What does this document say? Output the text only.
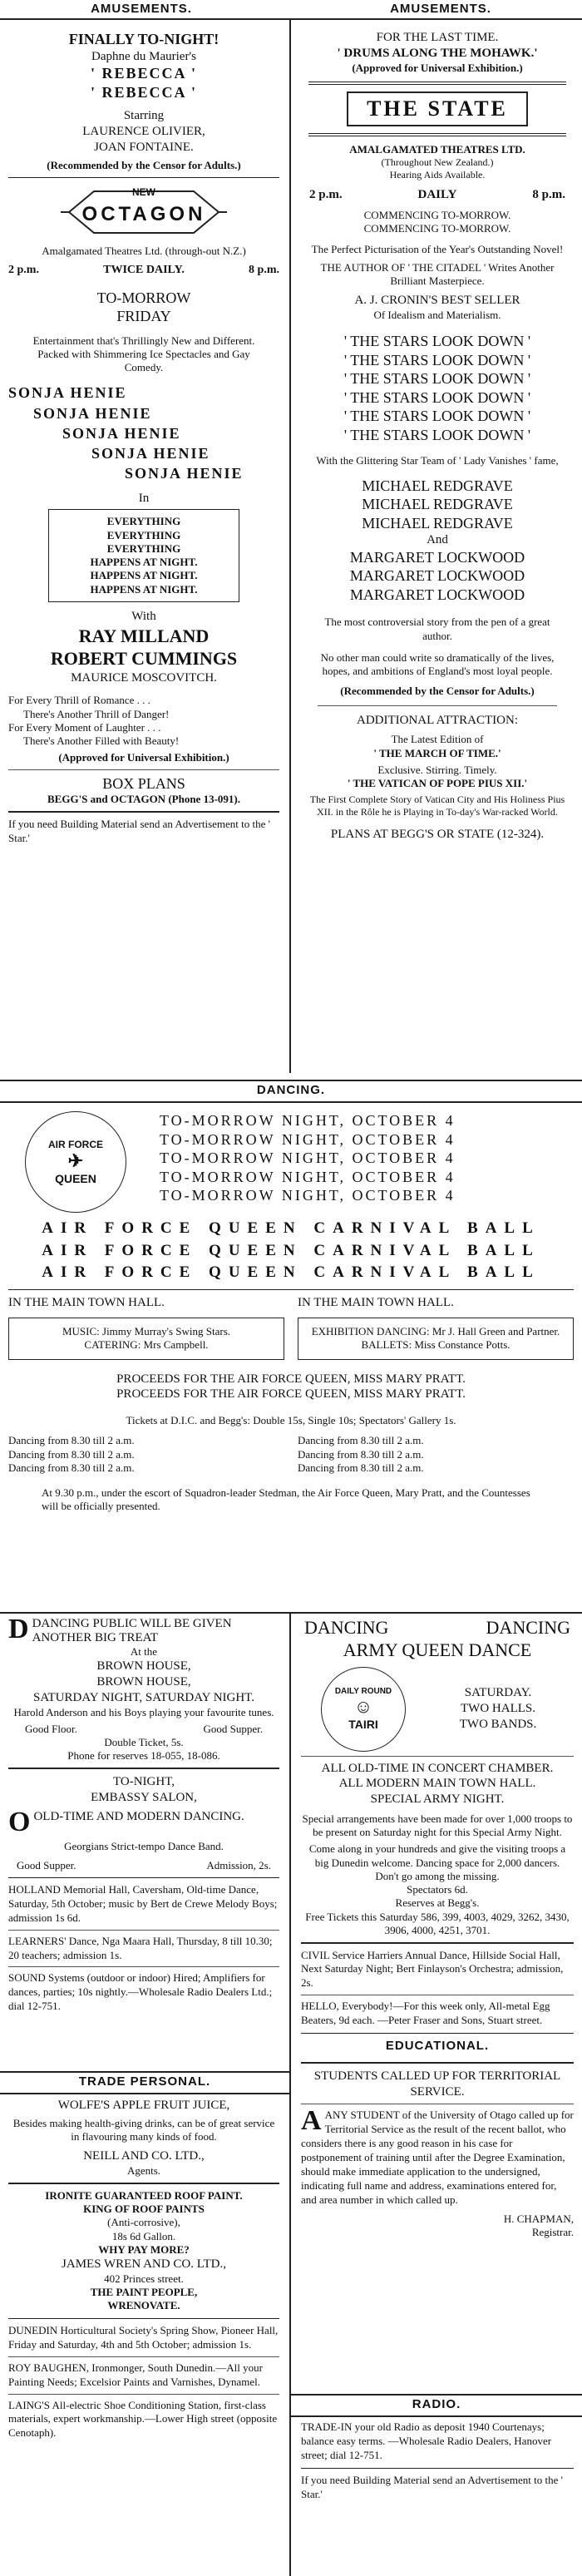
AMUSEMENTS.	AMUSEMENTS.
FINALLY TO-NIGHT!
Daphne du Maurier's
' REBECCA '
' REBECCA '
Starring
LAURENCE OLIVIER,
JOAN FONTAINE.
(Recommended by the Censor for Adults.)
NEW
OCTAGON
Amalgamated Theatres Ltd. (through-out N.Z.)
2 p.m.	TWICE DAILY.	8 p.m.
TO-MORROW
FRIDAY
Entertainment that's Thrillingly New and Different. Packed with Shimmering Ice Spectacles and Gay Comedy.
SONJA HENIE
SONJA HENIE
SONJA HENIE
SONJA HENIE
SONJA HENIE
In
EVERYTHING
EVERYTHING
EVERYTHING
HAPPENS AT NIGHT.
HAPPENS AT NIGHT.
HAPPENS AT NIGHT.
With
RAY MILLAND
ROBERT CUMMINGS
MAURICE MOSCOVITCH.
For Every Thrill of Romance . . .
There's Another Thrill of Danger!
For Every Moment of Laughter . . .
There's Another Filled with Beauty!
(Approved for Universal Exhibition.)
BOX PLANS
BEGG'S and OCTAGON (Phone 13-091).
If you need Building Material send an Advertisement to the ' Star.'
FOR THE LAST TIME.
' DRUMS ALONG THE MOHAWK.'
(Approved for Universal Exhibition.)
THE STATE
AMALGAMATED THEATRES LTD.
(Throughout New Zealand.)
Hearing Aids Available.
2 p.m.	DAILY	8 p.m.
COMMENCING TO-MORROW.
COMMENCING TO-MORROW.
The Perfect Picturisation of the Year's Outstanding Novel!
THE AUTHOR OF ' THE CITADEL ' Writes Another Brilliant Masterpiece.
A. J. CRONIN'S BEST SELLER
Of Idealism and Materialism.
' THE STARS LOOK DOWN '
' THE STARS LOOK DOWN '
' THE STARS LOOK DOWN '
' THE STARS LOOK DOWN '
' THE STARS LOOK DOWN '
' THE STARS LOOK DOWN '
With the Glittering Star Team of ' Lady Vanishes ' fame,
MICHAEL REDGRAVE
MICHAEL REDGRAVE
MICHAEL REDGRAVE
And
MARGARET LOCKWOOD
MARGARET LOCKWOOD
MARGARET LOCKWOOD
The most controversial story from the pen of a great author.
No other man could write so dramatically of the lives, hopes, and ambitions of England's most loyal people.
(Recommended by the Censor for Adults.)
ADDITIONAL ATTRACTION:
The Latest Edition of
' THE MARCH OF TIME.'
Exclusive. Stirring. Timely.
' THE VATICAN OF POPE PIUS XII.'
The First Complete Story of Vatican City and His Holiness Pius XII. in the Rôle he is Playing in To-day's War-racked World.
PLANS AT BEGG'S OR STATE (12-324).
DANCING.
AIR FORCE
✈
QUEEN
TO-MORROW NIGHT, OCTOBER 4
TO-MORROW NIGHT, OCTOBER 4
TO-MORROW NIGHT, OCTOBER 4
TO-MORROW NIGHT, OCTOBER 4
TO-MORROW NIGHT, OCTOBER 4
AIR FORCE QUEEN CARNIVAL BALL
AIR FORCE QUEEN CARNIVAL BALL
AIR FORCE QUEEN CARNIVAL BALL
IN THE MAIN TOWN HALL.
MUSIC: Jimmy Murray's Swing Stars.
CATERING: Mrs Campbell.
IN THE MAIN TOWN HALL.
EXHIBITION DANCING: Mr J. Hall Green and Partner.
BALLETS: Miss Constance Potts.
PROCEEDS FOR THE AIR FORCE QUEEN, MISS MARY PRATT.
PROCEEDS FOR THE AIR FORCE QUEEN, MISS MARY PRATT.
Tickets at D.I.C. and Begg's: Double 15s, Single 10s; Spectators' Gallery 1s.
Dancing from 8.30 till 2 a.m.
Dancing from 8.30 till 2 a.m.
Dancing from 8.30 till 2 a.m.
Dancing from 8.30 till 2 a.m.
Dancing from 8.30 till 2 a.m.
Dancing from 8.30 till 2 a.m.
At 9.30 p.m., under the escort of Squadron-leader Stedman, the Air Force Queen, Mary Pratt, and the Countesses will be officially presented.
DDANCING PUBLIC WILL BE GIVEN ANOTHER BIG TREAT
At the
BROWN HOUSE,
BROWN HOUSE,
SATURDAY NIGHT, SATURDAY NIGHT.
Harold Anderson and his Boys playing your favourite tunes.
Good Floor.	Good Supper.
Double Ticket, 5s.
Phone for reserves 18-055, 18-086.
TO-NIGHT,
EMBASSY SALON,
OOLD-TIME AND MODERN DANCING.
Georgians Strict-tempo Dance Band.
Good Supper.	Admission, 2s.
HOLLAND Memorial Hall, Caversham, Old-time Dance, Saturday, 5th October; music by Bert de Crewe Melody Boys; admission 1s 6d.
LEARNERS' Dance, Nga Maara Hall, Thursday, 8 till 10.30; 20 teachers; admission 1s.
SOUND Systems (outdoor or indoor) Hired; Amplifiers for dances, parties; 10s nightly.—Wholesale Radio Dealers Ltd.; dial 12-751.
DANCING	DANCING
ARMY QUEEN DANCE
DAILY ROUND
☺
TAIRI
SATURDAY.
TWO HALLS.
TWO BANDS.
ALL OLD-TIME IN CONCERT CHAMBER.
ALL MODERN MAIN TOWN HALL.
SPECIAL ARMY NIGHT.
Special arrangements have been made for over 1,000 troops to be present on Saturday night for this Special Army Night.
Come along in your hundreds and give the visiting troops a big Dunedin welcome. Dancing space for 2,000 dancers.
Don't go among the missing.
Spectators 6d.
Reserves at Begg's.
Free Tickets this Saturday 586, 399, 4003, 4029, 3262, 3430, 3906, 4000, 4251, 3701.
CIVIL Service Harriers Annual Dance, Hillside Social Hall, Next Saturday Night; Bert Finlayson's Orchestra; admission, 2s.
HELLO, Everybody!—For this week only, All-metal Egg Beaters, 9d each. —Peter Fraser and Sons, Stuart street.
EDUCATIONAL.
STUDENTS CALLED UP FOR TERRITORIAL SERVICE.
AANY STUDENT of the University of Otago called up for Territorial Service as the result of the recent ballot, who considers there is any good reason in his case for postponement of training until after the Degree Examination, should make immediate application to the undersigned, indicating full name and address, examinations entered for, and area number in which called up.
H. CHAPMAN,
Registrar.
TRADE PERSONAL.
WOLFE'S APPLE FRUIT JUICE,
Besides making health-giving drinks, can be of great service in flavouring many kinds of food.
NEILL AND CO. LTD.,
Agents.
IRONITE GUARANTEED ROOF PAINT.
KING OF ROOF PAINTS
(Anti-corrosive),
18s 6d Gallon.
WHY PAY MORE?
JAMES WREN AND CO. LTD.,
402 Princes street.
THE PAINT PEOPLE,
WRENOVATE.
DUNEDIN Horticultural Society's Spring Show, Pioneer Hall, Friday and Saturday, 4th and 5th October; admission 1s.
ROY BAUGHEN, Ironmonger, South Dunedin.—All your Painting Needs; Excelsior Paints and Varnishes, Dynamel.
LAING'S All-electric Shoe Conditioning Station, first-class materials, expert workmanship.—Lower High street (opposite Cenotaph).
RADIO.
TRADE-IN your old Radio as deposit 1940 Courtenays; balance easy terms. —Wholesale Radio Dealers, Hanover street; dial 12-751.
If you need Building Material send an Advertisement to the ' Star.'
